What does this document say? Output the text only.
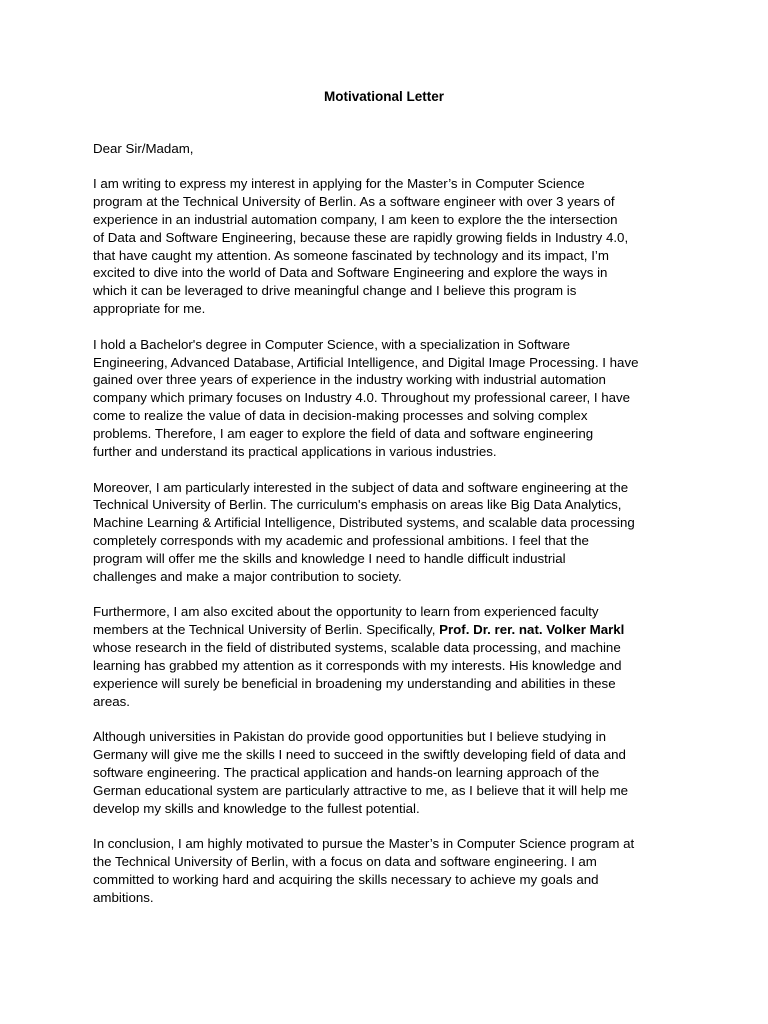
Motivational Letter
Dear Sir/Madam,
I am writing to express my interest in applying for the Master’s in Computer Science
program at the Technical University of Berlin. As a software engineer with over 3 years of
experience in an industrial automation company, I am keen to explore the the intersection
of Data and Software Engineering, because these are rapidly growing fields in Industry 4.0,
that have caught my attention. As someone fascinated by technology and its impact, I’m
excited to dive into the world of Data and Software Engineering and explore the ways in
which it can be leveraged to drive meaningful change and I believe this program is
appropriate for me.
I hold a Bachelor's degree in Computer Science, with a specialization in Software
Engineering, Advanced Database, Artificial Intelligence, and Digital Image Processing. I have
gained over three years of experience in the industry working with industrial automation
company which primary focuses on Industry 4.0. Throughout my professional career, I have
come to realize the value of data in decision-making processes and solving complex
problems. Therefore, I am eager to explore the field of data and software engineering
further and understand its practical applications in various industries.
Moreover, I am particularly interested in the subject of data and software engineering at the
Technical University of Berlin. The curriculum's emphasis on areas like Big Data Analytics,
Machine Learning & Artificial Intelligence, Distributed systems, and scalable data processing
completely corresponds with my academic and professional ambitions. I feel that the
program will offer me the skills and knowledge I need to handle difficult industrial
challenges and make a major contribution to society.
Furthermore, I am also excited about the opportunity to learn from experienced faculty
members at the Technical University of Berlin. Specifically, Prof. Dr. rer. nat. Volker Markl
whose research in the field of distributed systems, scalable data processing, and machine
learning has grabbed my attention as it corresponds with my interests. His knowledge and
experience will surely be beneficial in broadening my understanding and abilities in these
areas.
Although universities in Pakistan do provide good opportunities but I believe studying in
Germany will give me the skills I need to succeed in the swiftly developing field of data and
software engineering. The practical application and hands-on learning approach of the
German educational system are particularly attractive to me, as I believe that it will help me
develop my skills and knowledge to the fullest potential.
In conclusion, I am highly motivated to pursue the Master’s in Computer Science program at
the Technical University of Berlin, with a focus on data and software engineering. I am
committed to working hard and acquiring the skills necessary to achieve my goals and
ambitions.
